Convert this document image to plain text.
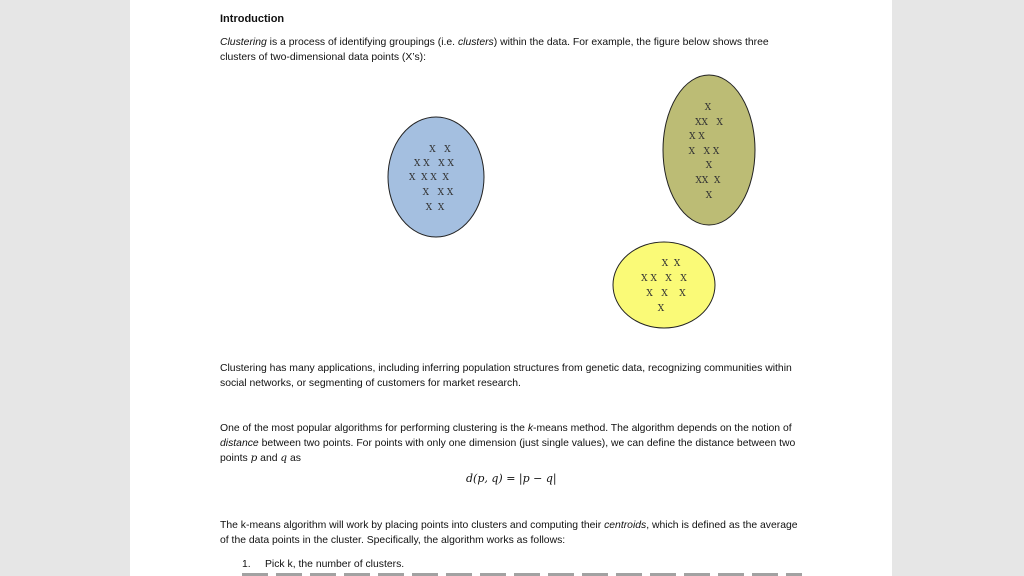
Introduction

Clustering is a process of identifying groupings (i.e. clusters) within the data. For example, the figure below shows three clusters of two-dimensional data points (X’s):

X   X
X X   X X
X  X X  X
X   X X
X  X
X
XX   X
X X
X   X X
X
XX  X
X
X  X
X X   X   X
X   X    X
X

Clustering has many applications, including inferring population structures from genetic data, recognizing communities within social networks, or segmenting of customers for market research.

One of the most popular algorithms for performing clustering is the k-means method. The algorithm depends on the notion of distance between two points. For points with only one dimension (just single values), we can define the distance between two points p and q as

d(p, q) = |p − q|

The k-means algorithm will work by placing points into clusters and computing their centroids, which is defined as the average of the data points in the cluster. Specifically, the algorithm works as follows:

1. Pick k, the number of clusters.
